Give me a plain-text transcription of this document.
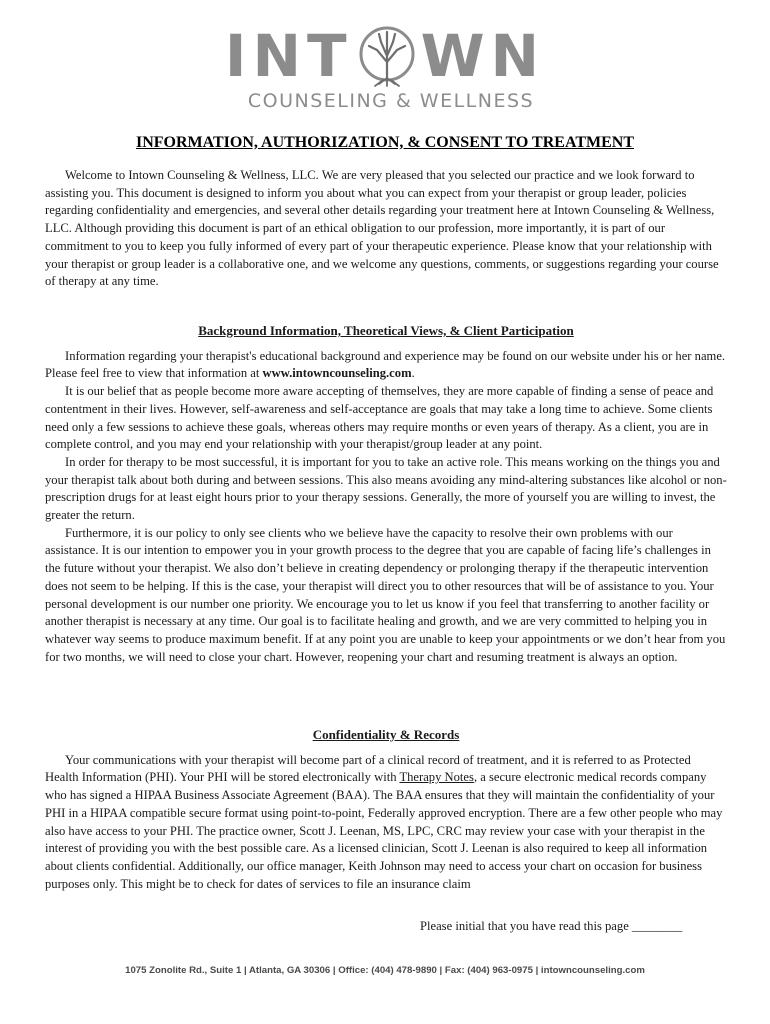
INT WN
COUNSELING & WELLNESS
INFORMATION, AUTHORIZATION, & CONSENT TO TREATMENT

Welcome to Intown Counseling & Wellness, LLC. We are very pleased that you selected our practice and we look forward to assisting you. This document is designed to inform you about what you can expect from your therapist or group leader, policies regarding confidentiality and emergencies, and several other details regarding your treatment here at Intown Counseling & Wellness, LLC. Although providing this document is part of an ethical obligation to our profession, more importantly, it is part of our commitment to you to keep you fully informed of every part of your therapeutic experience. Please know that your relationship with your therapist or group leader is a collaborative one, and we welcome any questions, comments, or suggestions regarding your course of therapy at any time.

Background Information, Theoretical Views, & Client Participation

Information regarding your therapist's educational background and experience may be found on our website under his or her name. Please feel free to view that information at www.intowncounseling.com.

It is our belief that as people become more aware accepting of themselves, they are more capable of finding a sense of peace and contentment in their lives. However, self-awareness and self-acceptance are goals that may take a long time to achieve. Some clients need only a few sessions to achieve these goals, whereas others may require months or even years of therapy. As a client, you are in complete control, and you may end your relationship with your therapist/group leader at any point.

In order for therapy to be most successful, it is important for you to take an active role. This means working on the things you and your therapist talk about both during and between sessions. This also means avoiding any mind-altering substances like alcohol or non-prescription drugs for at least eight hours prior to your therapy sessions. Generally, the more of yourself you are willing to invest, the greater the return.

Furthermore, it is our policy to only see clients who we believe have the capacity to resolve their own problems with our assistance. It is our intention to empower you in your growth process to the degree that you are capable of facing life’s challenges in the future without your therapist. We also don’t believe in creating dependency or prolonging therapy if the therapeutic intervention does not seem to be helping. If this is the case, your therapist will direct you to other resources that will be of assistance to you. Your personal development is our number one priority. We encourage you to let us know if you feel that transferring to another facility or another therapist is necessary at any time. Our goal is to facilitate healing and growth, and we are very committed to helping you in whatever way seems to produce maximum benefit. If at any point you are unable to keep your appointments or we don’t hear from you for two months, we will need to close your chart. However, reopening your chart and resuming treatment is always an option.

Confidentiality & Records

Your communications with your therapist will become part of a clinical record of treatment, and it is referred to as Protected Health Information (PHI). Your PHI will be stored electronically with Therapy Notes, a secure electronic medical records company who has signed a HIPAA Business Associate Agreement (BAA). The BAA ensures that they will maintain the confidentiality of your PHI in a HIPAA compatible secure format using point-to-point, Federally approved encryption. There are a few other people who may also have access to your PHI. The practice owner, Scott J. Leenan, MS, LPC, CRC may review your case with your therapist in the interest of providing you with the best possible care. As a licensed clinician, Scott J. Leenan is also required to keep all information about clients confidential. Additionally, our office manager, Keith Johnson may need to access your chart on occasion for business purposes only. This might be to check for dates of services to file an insurance claim

Please initial that you have read this page ________
1075 Zonolite Rd., Suite 1 | Atlanta, GA 30306 | Office: (404) 478-9890 | Fax: (404) 963-0975 | intowncounseling.com
